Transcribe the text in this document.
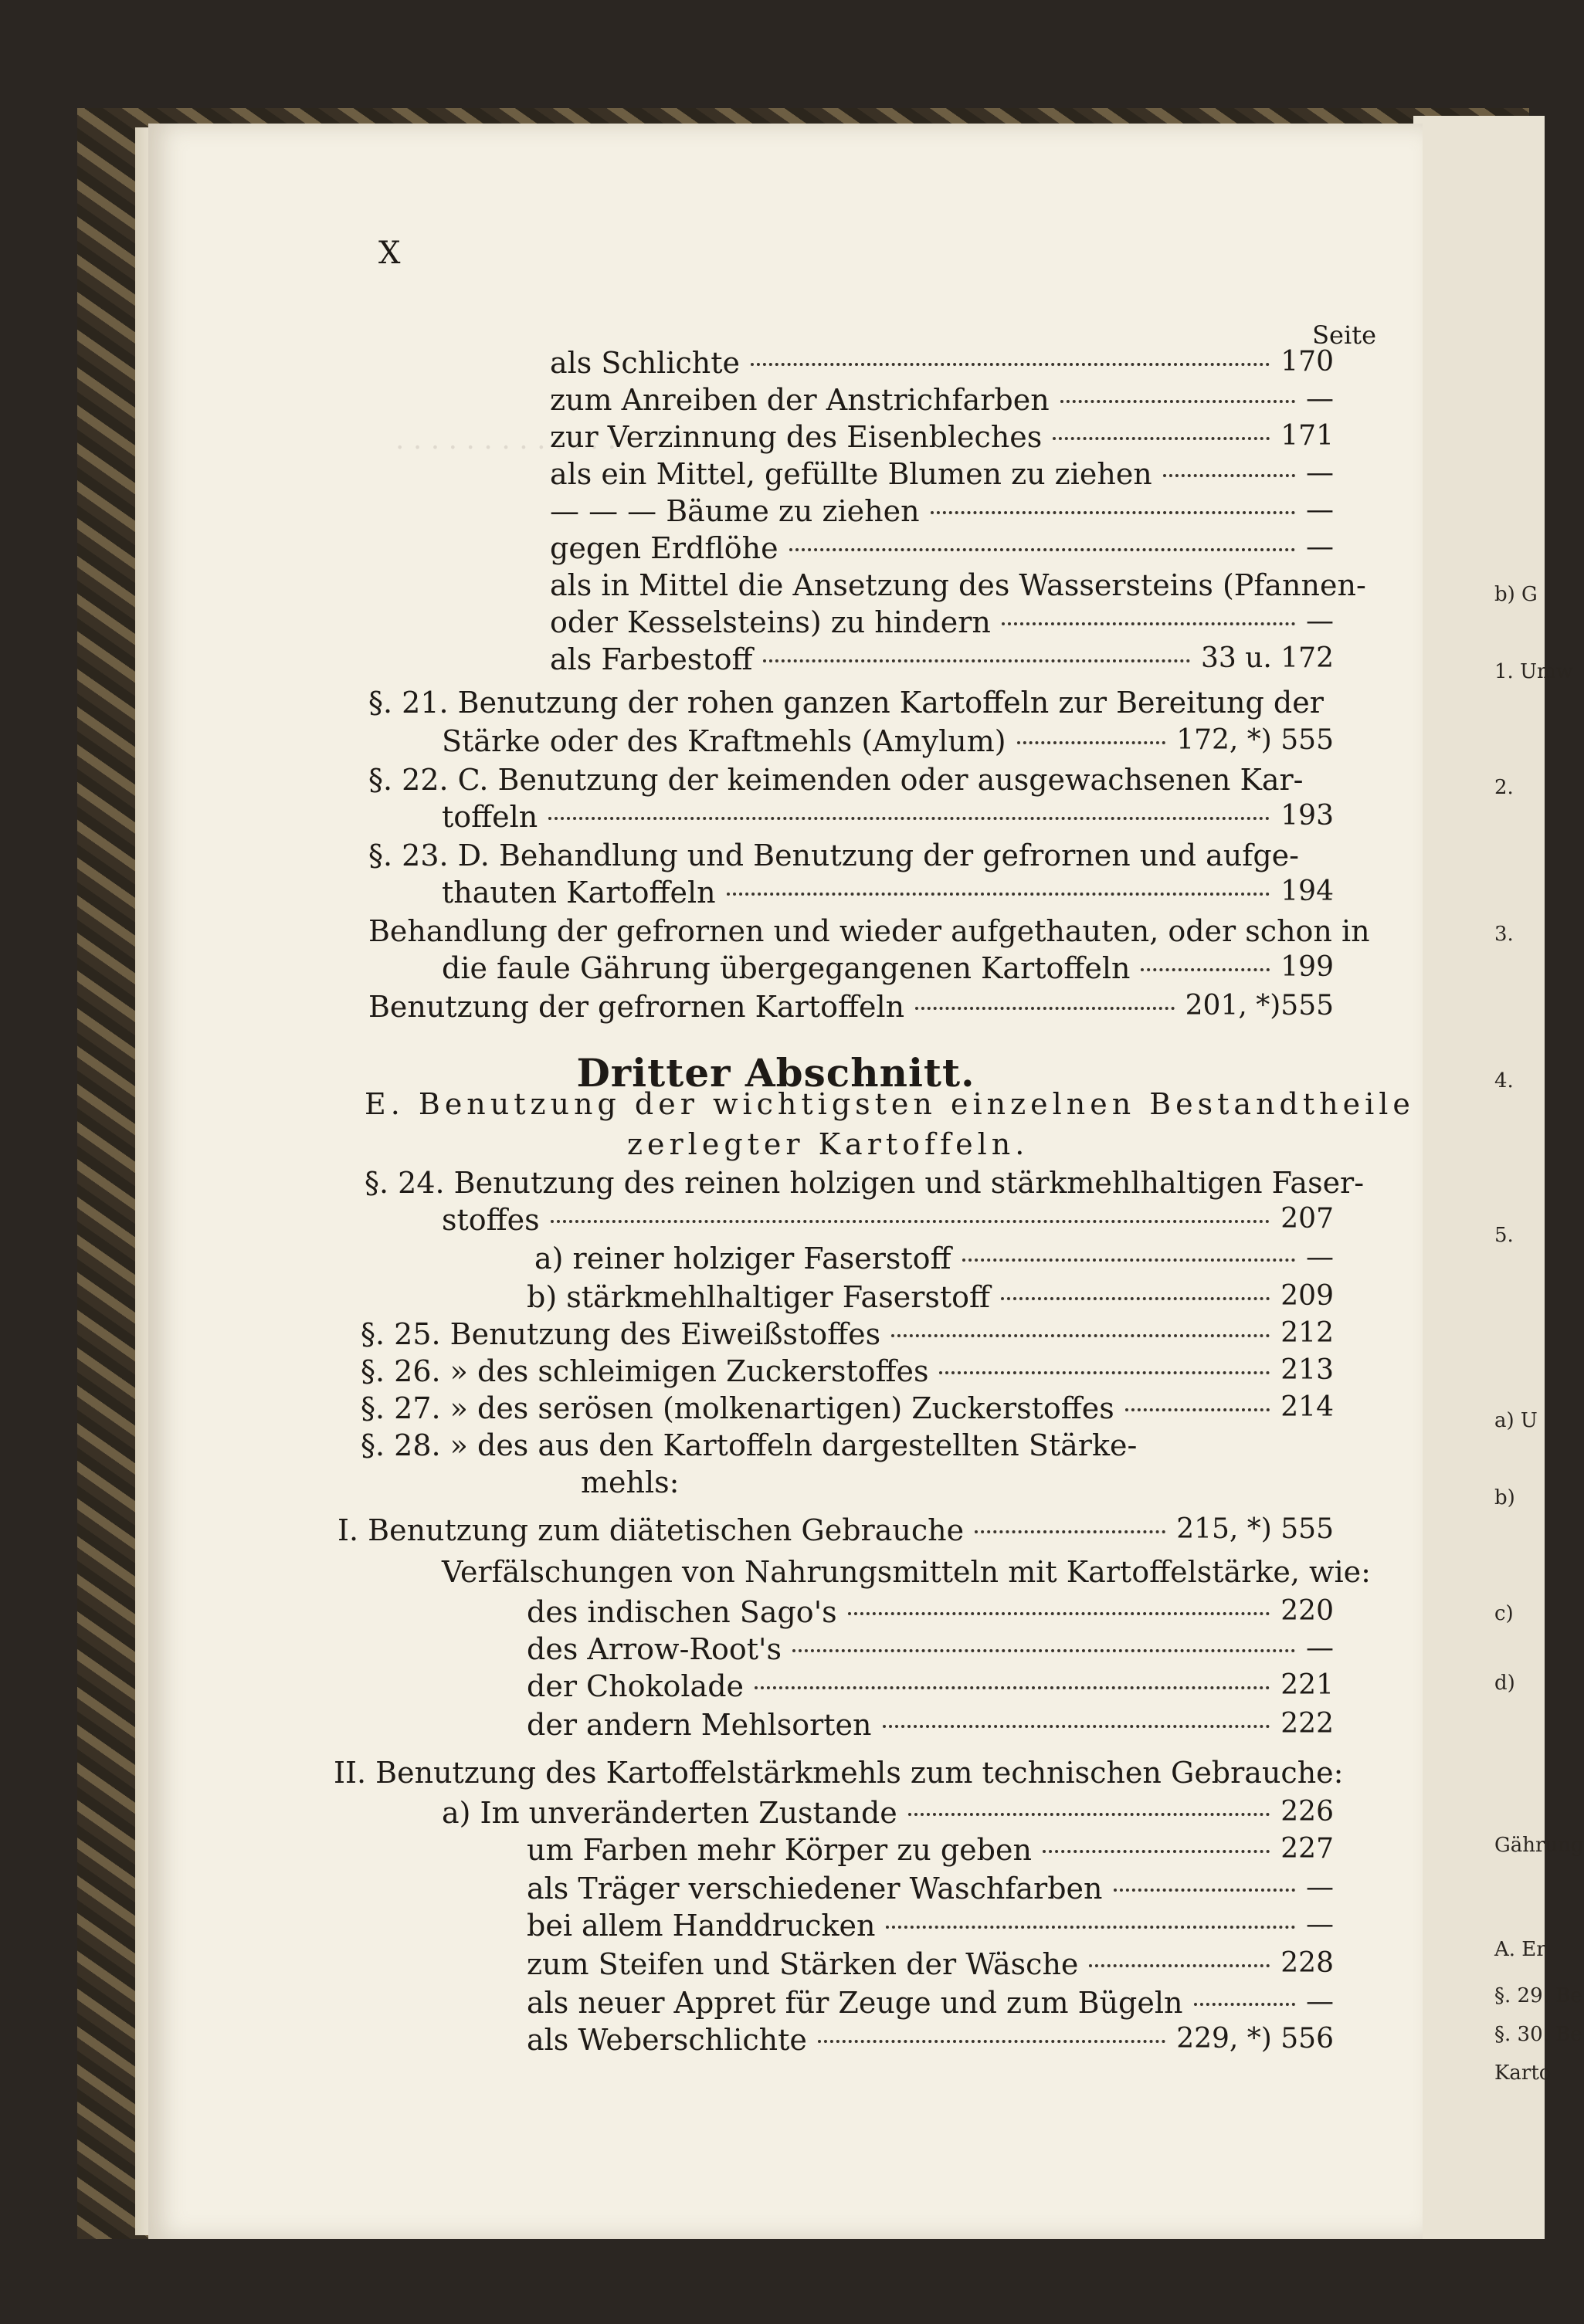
· · · · · · · · · · · · ·
X
Seite
Dritter Abschnitt.
als Schlichte	170
zum Anreiben der Anstrichfarben	—
zur Verzinnung des Eisenbleches	171
als ein Mittel, gefüllte Blumen zu ziehen	—
— — — Bäume zu ziehen	—
gegen Erdflöhe	—
als in Mittel die Ansetzung des Wassersteins (Pfannen-
oder Kesselsteins) zu hindern	—
als Farbestoff	33 u. 172
§. 21. Benutzung der rohen ganzen Kartoffeln zur Bereitung der
Stärke oder des Kraftmehls (Amylum)	172, *) 555
§. 22. C. Benutzung der keimenden oder ausgewachsenen Kar-
toffeln	193
§. 23. D. Behandlung und Benutzung der gefrornen und aufge-
thauten Kartoffeln	194
Behandlung der gefrornen und wieder aufgethauten, oder schon in
die faule Gährung übergegangenen Kartoffeln	199
Benutzung der gefrornen Kartoffeln	201, *)555
E. Benutzung der wichtigsten einzelnen Bestandtheile
zerlegter Kartoffeln.
§. 24. Benutzung des reinen holzigen und stärkmehlhaltigen Faser-
stoffes	207
a) reiner holziger Faserstoff	—
b) stärkmehlhaltiger Faserstoff	209
§. 25. Benutzung des Eiweißstoffes	212
§. 26. » des schleimigen Zuckerstoffes	213
§. 27. » des serösen (molkenartigen) Zuckerstoffes	214
§. 28. » des aus den Kartoffeln dargestellten Stärke-
mehls:
I. Benutzung zum diätetischen Gebrauche	215, *) 555
Verfälschungen von Nahrungsmitteln mit Kartoffelstärke, wie:
des indischen Sago's	220
des Arrow-Root's	—
der Chokolade	221
der andern Mehlsorten	222
II. Benutzung des Kartoffelstärkmehls zum technischen Gebrauche:
a) Im unveränderten Zustande	226
um Farben mehr Körper zu geben	227
als Träger verschiedener Waschfarben	—
bei allem Handdrucken	—
zum Steifen und Stärken der Wäsche	228
als neuer Appret für Zeuge und zum Bügeln	—
als Weberschlichte	229, *) 556
b) G
1. Umw
2.
3.
4.
5.
a) U
b)
c)
d)
Gährung
A. Er
§. 29. Be
§. 30. Be
Karto
